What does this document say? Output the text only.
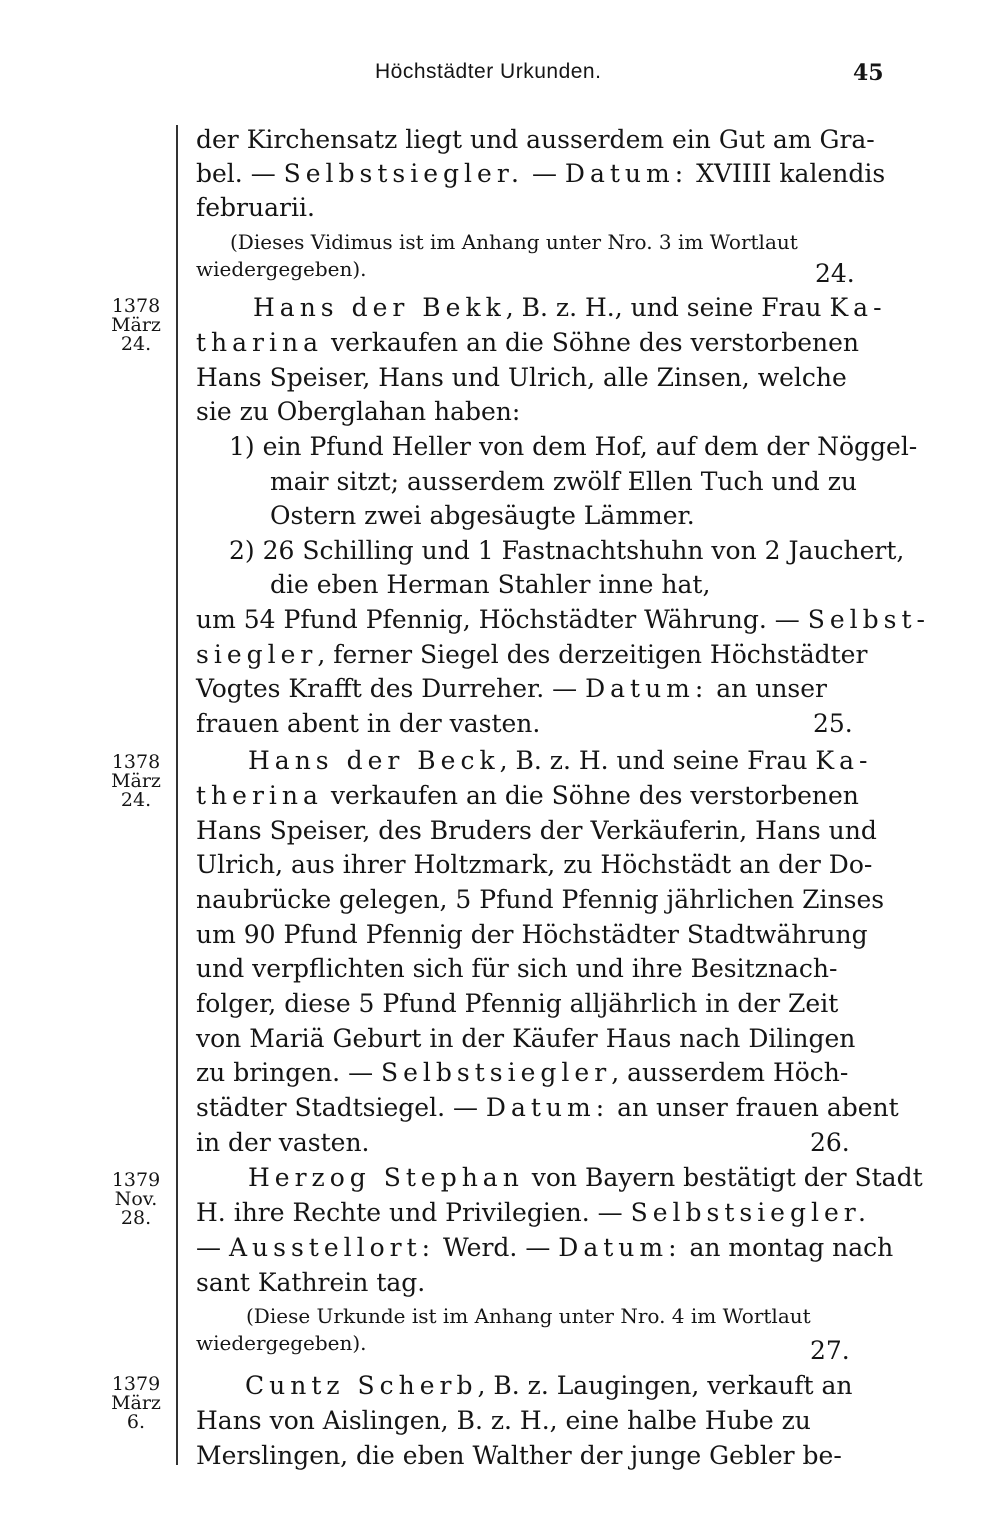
Höchstädter Urkunden.	45
1378
März
24.
1378
März
24.
1379
Nov.
28.
1379
März
6.
der Kirchensatz liegt und ausserdem ein Gut am Gra-
bel. — Selbstsiegler. — Datum: XVIIII kalendis
februarii.
(Dieses Vidimus ist im Anhang unter Nro. 3 im Wortlaut
wiedergegeben).	24.
Hans der Bekk, B. z. H., und seine Frau Ka-
tharina verkaufen an die Söhne des verstorbenen
Hans Speiser, Hans und Ulrich, alle Zinsen, welche
sie zu Oberglahan haben:
1) ein Pfund Heller von dem Hof, auf dem der Nöggel-
mair sitzt; ausserdem zwölf Ellen Tuch und zu
Ostern zwei abgesäugte Lämmer.
2) 26 Schilling und 1 Fastnachtshuhn von 2 Jauchert,
die eben Herman Stahler inne hat,
um 54 Pfund Pfennig, Höchstädter Währung. — Selbst-
siegler, ferner Siegel des derzeitigen Höchstädter
Vogtes Krafft des Durreher. — Datum: an unser
frauen abent in der vasten.	25.
Hans der Beck, B. z. H. und seine Frau Ka-
therina verkaufen an die Söhne des verstorbenen
Hans Speiser, des Bruders der Verkäuferin, Hans und
Ulrich, aus ihrer Holtzmark, zu Höchstädt an der Do-
naubrücke gelegen, 5 Pfund Pfennig jährlichen Zinses
um 90 Pfund Pfennig der Höchstädter Stadtwährung
und verpflichten sich für sich und ihre Besitznach-
folger, diese 5 Pfund Pfennig alljährlich in der Zeit
von Mariä Geburt in der Käufer Haus nach Dilingen
zu bringen. — Selbstsiegler, ausserdem Höch-
städter Stadtsiegel. — Datum: an unser frauen abent
in der vasten.	26.
Herzog Stephan von Bayern bestätigt der Stadt
H. ihre Rechte und Privilegien. — Selbstsiegler.
— Ausstellort: Werd. — Datum: an montag nach
sant Kathrein tag.
(Diese Urkunde ist im Anhang unter Nro. 4 im Wortlaut
wiedergegeben).	27.
Cuntz Scherb, B. z. Laugingen, verkauft an
Hans von Aislingen, B. z. H., eine halbe Hube zu
Merslingen, die eben Walther der junge Gebler be-
